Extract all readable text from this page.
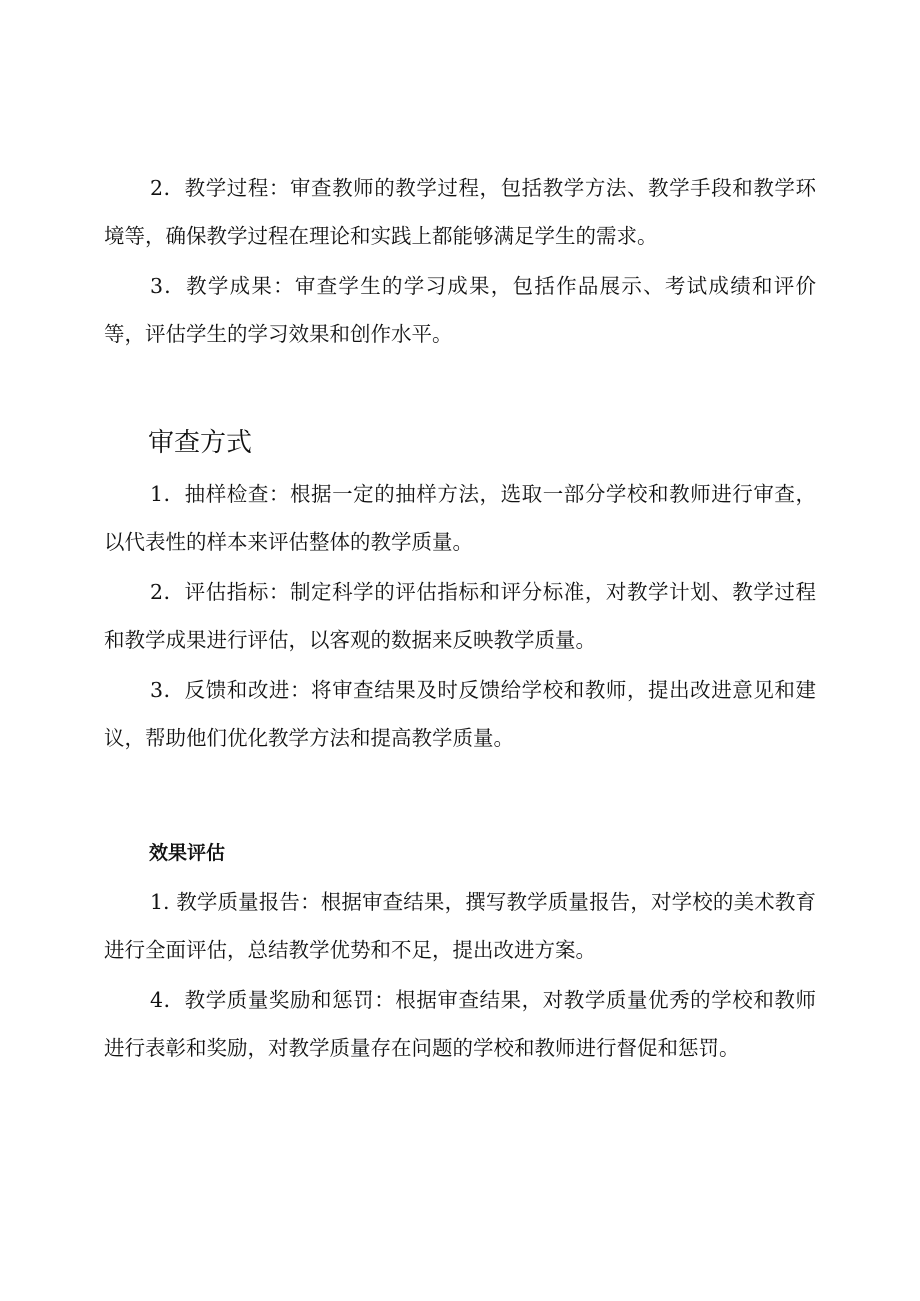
2．教学过程：审查教师的教学过程，包括教学方法、教学手段和教学环境等，确保教学过程在理论和实践上都能够满足学生的需求。

3．教学成果：审查学生的学习成果，包括作品展示、考试成绩和评价等，评估学生的学习效果和创作水平。

审查方式

1．抽样检查：根据一定的抽样方法，选取一部分学校和教师进行审查，以代表性的样本来评估整体的教学质量。

2．评估指标：制定科学的评估指标和评分标准，对教学计划、教学过程和教学成果进行评估，以客观的数据来反映教学质量。

3．反馈和改进：将审查结果及时反馈给学校和教师，提出改进意见和建议，帮助他们优化教学方法和提高教学质量。

效果评估

1. 教学质量报告：根据审查结果，撰写教学质量报告，对学校的美术教育进行全面评估，总结教学优势和不足，提出改进方案。

4．教学质量奖励和惩罚：根据审查结果，对教学质量优秀的学校和教师进行表彰和奖励，对教学质量存在问题的学校和教师进行督促和惩罚。
